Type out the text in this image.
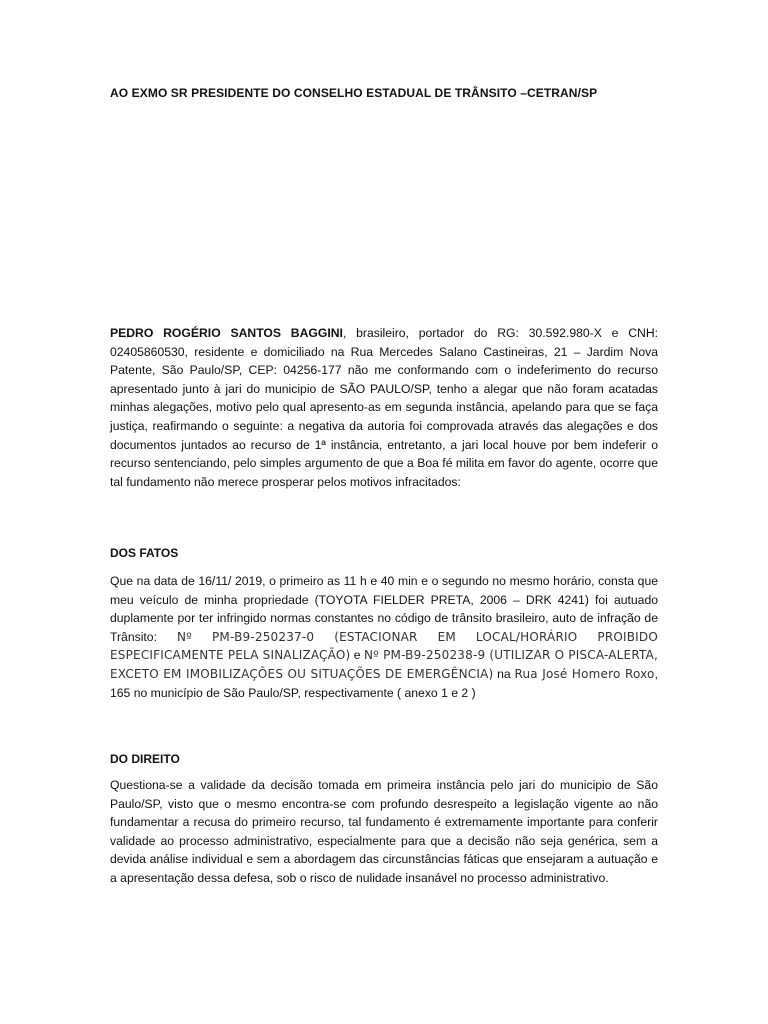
AO EXMO SR PRESIDENTE DO CONSELHO ESTADUAL DE TRÂNSITO –CETRAN/SP

PEDRO ROGÉRIO SANTOS BAGGINI, brasileiro, portador do RG: 30.592.980-X e CNH: 02405860530, residente e domiciliado na Rua Mercedes Salano Castineiras, 21 – Jardim Nova Patente, São Paulo/SP, CEP: 04256-177 não me conformando com o indeferimento do recurso apresentado junto à jari do municipio de SÃO PAULO/SP, tenho a alegar que não foram acatadas minhas alegações, motivo pelo qual apresento-as em segunda instância, apelando para que se faça justiça, reafirmando o seguinte: a negativa da autoria foi comprovada através das alegações e dos documentos juntados ao recurso de 1ª instância, entretanto, a jari local houve por bem indeferir o recurso sentenciando, pelo simples argumento de que a Boa fé milita em favor do agente, ocorre que tal fundamento não merece prosperar pelos motivos infracitados:

DOS FATOS

Que na data de 16/11/ 2019, o primeiro as 11 h e 40 min e o segundo no mesmo horário, consta que meu veículo de minha propriedade (TOYOTA FIELDER PRETA, 2006 – DRK 4241) foi autuado duplamente por ter infringido normas constantes no código de trânsito brasileiro, auto de infração de Trânsito: Nº PM-B9-250237-0 (ESTACIONAR EM LOCAL/HORÁRIO PROIBIDO ESPECIFICAMENTE PELA SINALIZAÇÃO) e Nº PM-B9-250238-9 (UTILIZAR O PISCA-ALERTA, EXCETO EM IMOBILIZAÇÕES OU SITUAÇÕES DE EMERGÊNCIA) na Rua José Homero Roxo, 165 no município de São Paulo/SP, respectivamente ( anexo 1 e 2 )

DO DIREITO

Questiona-se a validade da decisão tomada em primeira instância pelo jari do municipio de São Paulo/SP, visto que o mesmo encontra-se com profundo desrespeito a legislação vigente ao não fundamentar a recusa do primeiro recurso, tal fundamento é extremamente importante para conferir validade ao processo administrativo, especialmente para que a decisão não seja genérica, sem a devida análise individual e sem a abordagem das circunstâncias fáticas que ensejaram a autuação e a apresentação dessa defesa, sob o risco de nulidade insanável no processo administrativo.
